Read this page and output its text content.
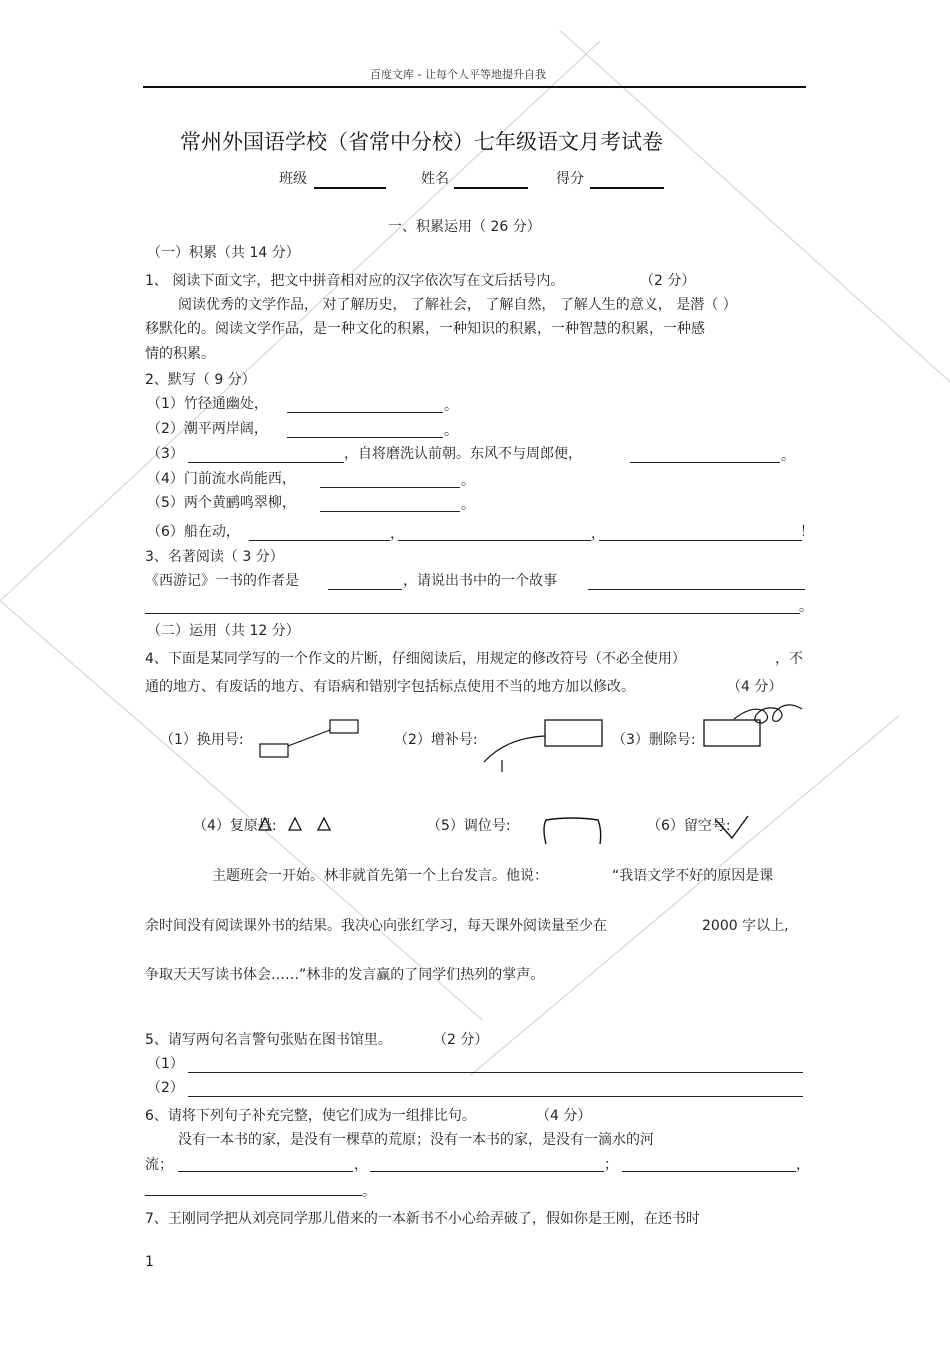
百度文库 - 让每个人平等地提升自我
常州外国语学校（省常中分校）七年级语文月考试卷
班级	姓名	得分
一、积累运用（ 26 分）
（一）积累（共 14 分）
1、 阅读下面文字，把文中拼音相对应的汉字依次写在文后括号内。	（2 分）
阅读优秀的文学作品， 对了解历史， 了解社会， 了解自然， 了解人生的意义， 是潜（ ）
移默化的。阅读文学作品，是一种文化的积累，一种知识的积累，一种智慧的积累，一种感
情的积累。
2、默写（ 9 分）
（1）竹径通幽处，	。
（2）潮平两岸阔，	。
（3）	，自将磨洗认前朝。东风不与周郎便，	。
（4）门前流水尚能西，	。
（5）两个黄鹂鸣翠柳，	。
（6）船在动，	，	，	！
3、名著阅读（ 3 分）
《西游记》一书的作者是	，请说出书中的一个故事
。
（二）运用（共 12 分）
4、下面是某同学写的一个作文的片断，仔细阅读后，用规定的修改符号（不必全使用）	，不
通的地方、有废话的地方、有语病和错别字包括标点使用不当的地方加以修改。	（4 分）
（1）换用号:	（2）增补号:	（3）删除号:
（4）复原号:	（5）调位号:	（6）留空号:
主题班会一开始。林非就首先第一个上台发言。他说：	“我语文学不好的原因是课
余时间没有阅读课外书的结果。我决心向张红学习，每天课外阅读量至少在	2000 字以上,
争取天天写读书体会……”林非的发言赢的了同学们热列的掌声。
5、请写两句名言警句张贴在图书馆里。	（2 分）
（1）
（2）
6、请将下列句子补充完整，使它们成为一组排比句。	（4 分）
没有一本书的家，是没有一棵草的荒原；没有一本书的家，是没有一滴水的河
流；	，	；	，
。
7、王刚同学把从刘亮同学那儿借来的一本新书不小心给弄破了，假如你是王刚，在还书时
1
